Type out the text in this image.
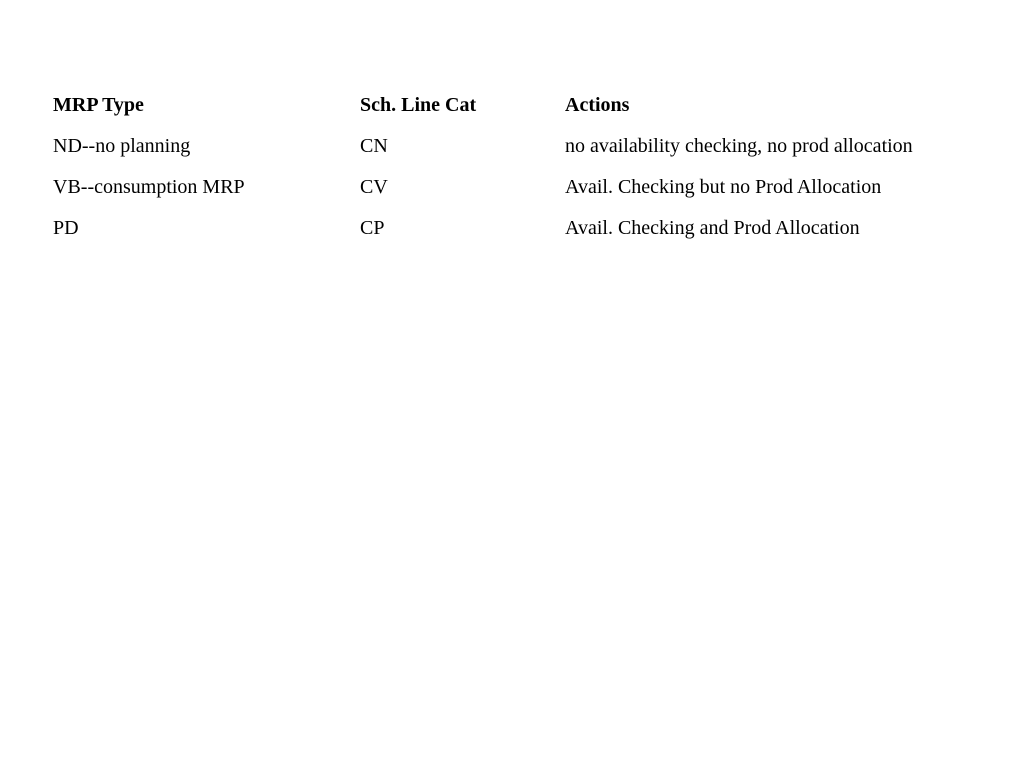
MRP Type	Sch. Line Cat	Actions
ND--no planning	CN	no availability checking, no prod allocation
VB--consumption MRP	CV	Avail. Checking but no Prod Allocation
PD	CP	Avail. Checking and Prod Allocation
